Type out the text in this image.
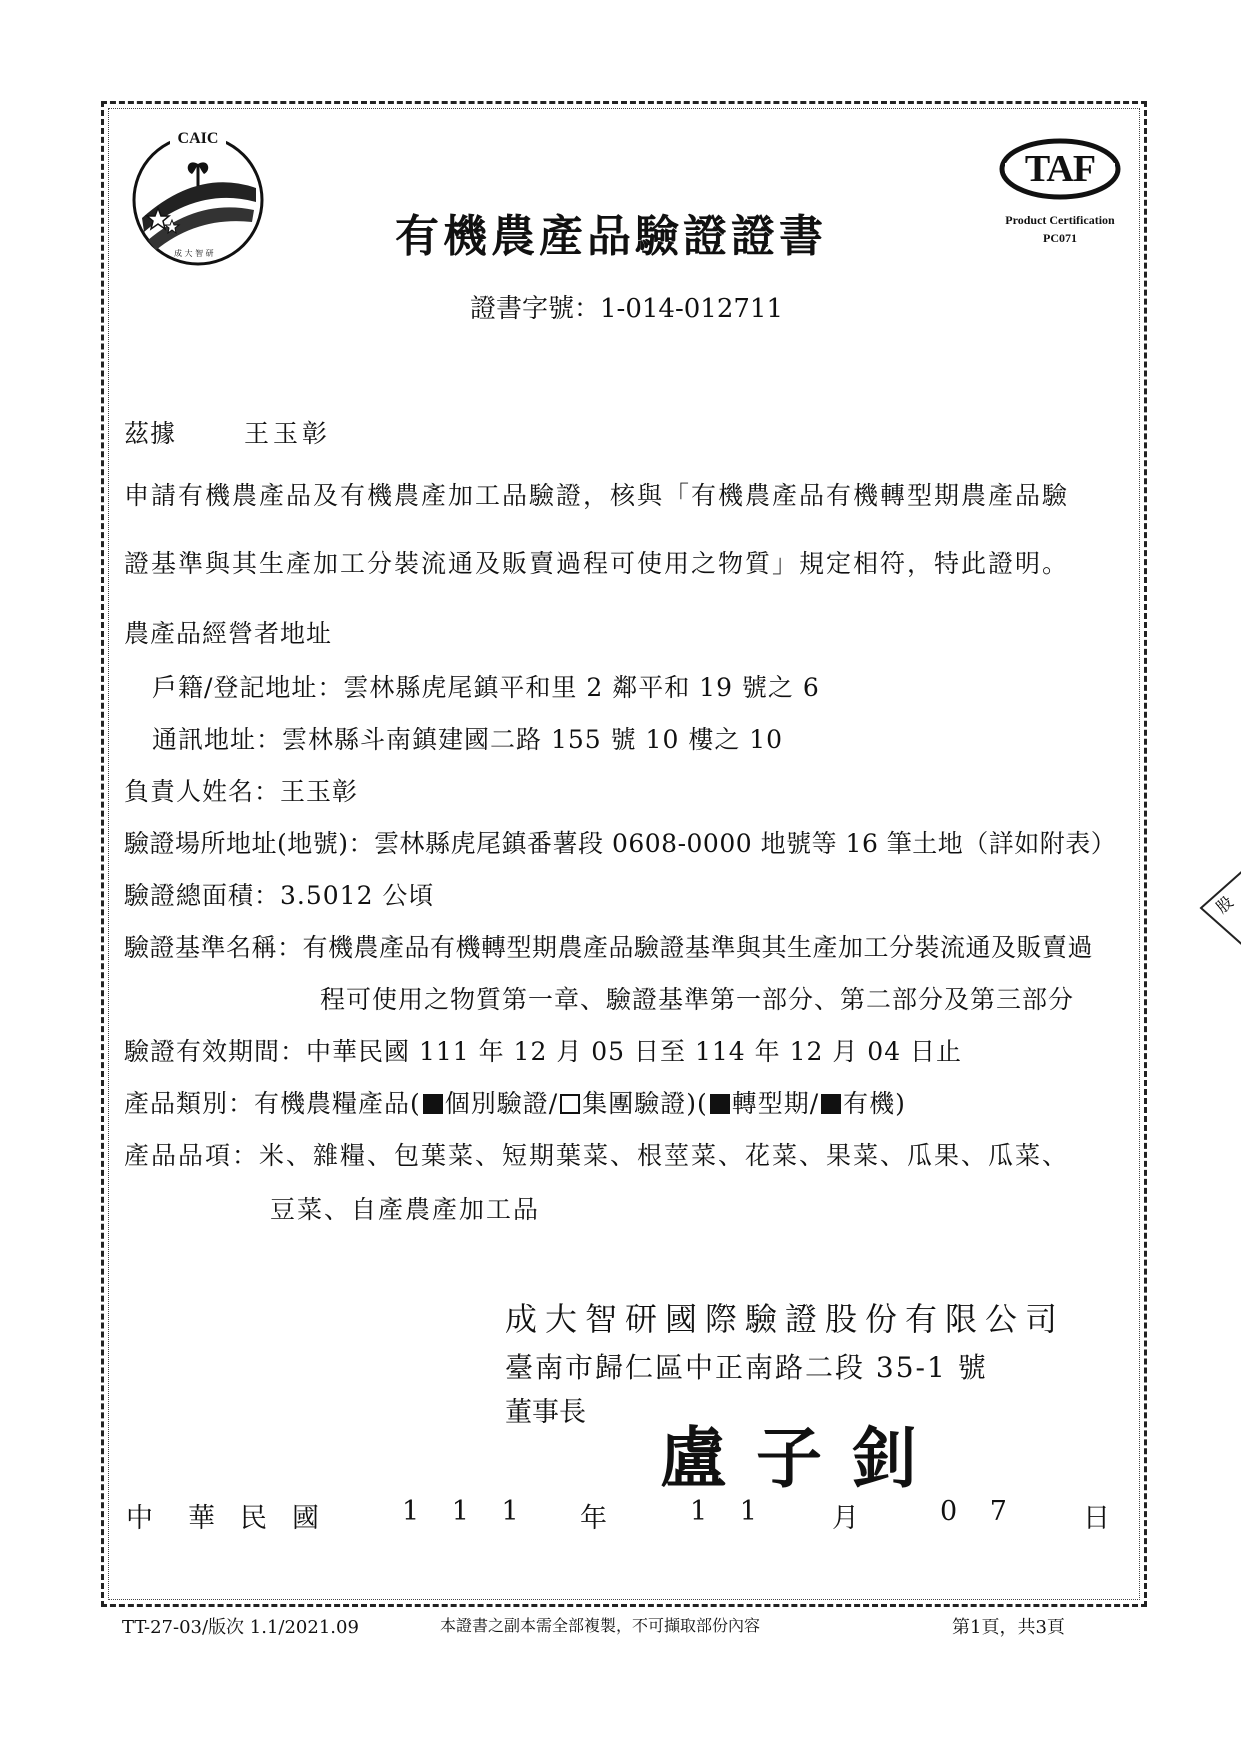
CAIC
成 大 智 研
TAF
Product Certification
PC071
有機農產品驗證證書
證書字號：1-014-012711
茲據	王玉彰
申請有機農產品及有機農產加工品驗證，核與「有機農產品有機轉型期農產品驗
證基準與其生產加工分裝流通及販賣過程可使用之物質」規定相符，特此證明。
農產品經營者地址
戶籍/登記地址：雲林縣虎尾鎮平和里 2 鄰平和 19 號之 6
通訊地址：雲林縣斗南鎮建國二路 155 號 10 樓之 10
負責人姓名：王玉彰
驗證場所地址(地號)：雲林縣虎尾鎮番薯段 0608-0000 地號等 16 筆土地（詳如附表）
驗證總面積：3.5012 公頃
驗證基準名稱：有機農產品有機轉型期農產品驗證基準與其生產加工分裝流通及販賣過
程可使用之物質第一章、驗證基準第一部分、第二部分及第三部分
驗證有效期間：中華民國 111 年 12 月 05 日至 114 年 12 月 04 日止
產品類別：有機農糧產品( 個別驗證/ 集團驗證)( 轉型期/ 有機)
產品品項：米、雜糧、包葉菜、短期葉菜、根莖菜、花菜、果菜、瓜果、瓜菜、
豆菜、自產農產加工品
成大智研國際驗證股份有限公司
臺南市歸仁區中正南路二段 35-1 號
董事長
盧子釗
中 華 民 國	1 1 1 年	1 1 月	0 7 日
TT-27-03/版次 1.1/2021.09	本證書之副本需全部複製，不可擷取部份內容	第1頁，共3頁
股
